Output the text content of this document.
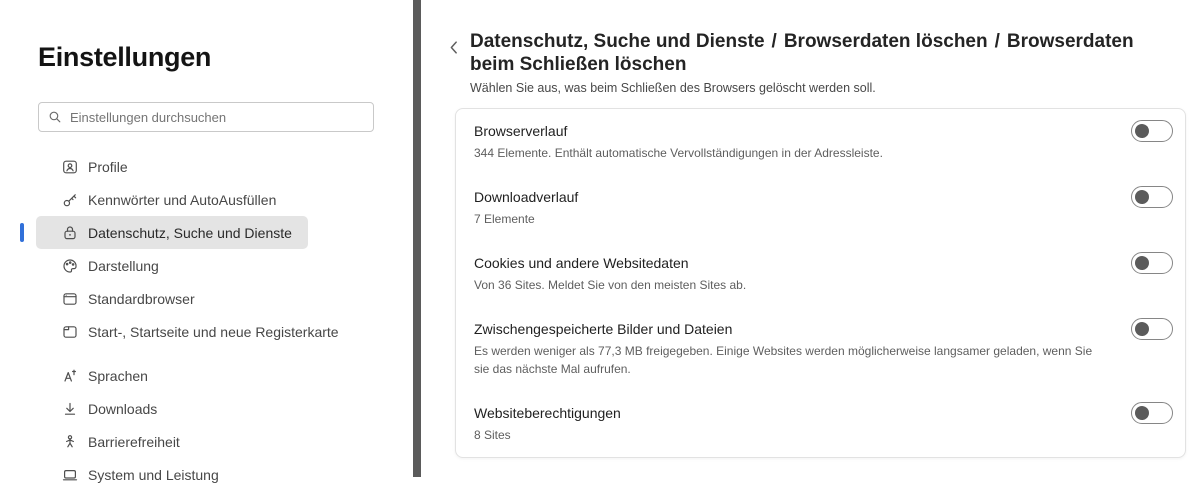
Einstellungen
Einstellungen durchsuchen
Profile
Kennwörter und AutoAusfüllen
Datenschutz, Suche und Dienste
Darstellung
Standardbrowser
Start-, Startseite und neue Registerkarte
Sprachen
Downloads
Barrierefreiheit
System und Leistung
Datenschutz, Suche und Dienste / Browserdaten löschen / Browserdaten beim Schließen löschen

Wählen Sie aus, was beim Schließen des Browsers gelöscht werden soll.

Browserverlauf
344 Elemente. Enthält automatische Vervollständigungen in der Adressleiste.
Downloadverlauf
7 Elemente
Cookies und andere Websitedaten
Von 36 Sites. Meldet Sie von den meisten Sites ab.
Zwischengespeicherte Bilder und Dateien
Es werden weniger als 77,3 MB freigegeben. Einige Websites werden möglicherweise langsamer geladen, wenn Sie sie das nächste Mal aufrufen.
Websiteberechtigungen
8 Sites
